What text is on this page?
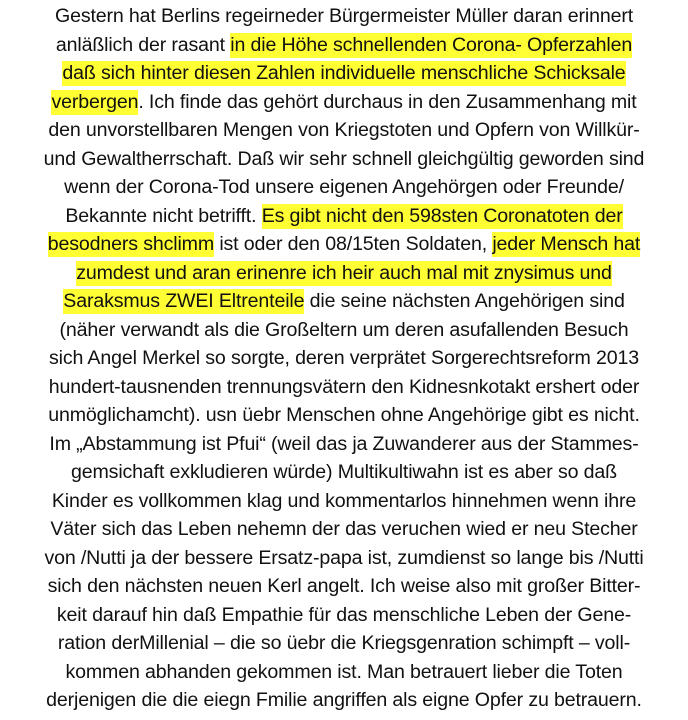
Gestern hat Berlins regeirneder Bürgermeister Müller daran erinnert
anläßlich der rasant in die Höhe schnellenden Corona- Opferzahlen
daß sich hinter diesen Zahlen individuelle menschliche Schicksale
verbergen. Ich finde das gehört durchaus in den Zusammenhang mit
den unvorstellbaren Mengen von Kriegstoten und Opfern von Willkür-
und Gewaltherrschaft. Daß wir sehr schnell gleichgültig geworden sind
wenn der Corona-Tod unsere eigenen Angehörgen oder Freunde/
Bekannte nicht betrifft. Es gibt nicht den 598sten Coronatoten der
besodners shclimm ist oder den 08/15ten Soldaten, jeder Mensch hat
zumdest und aran erinenre ich heir auch mal mit znysimus und
Saraksmus ZWEI Eltrenteile die seine nächsten Angehörigen sind
(näher verwandt als die Großeltern um deren asufallenden Besuch
sich Angel Merkel so sorgte, deren verprätet Sorgerechtsreform 2013
hundert-tausnenden trennungsvätern den Kidnesnkotakt ershert oder
unmöglichamcht). usn üebr Menschen ohne Angehörige gibt es nicht.
Im „Abstammung ist Pfui“ (weil das ja Zuwanderer aus der Stammes-
gemsichaft exkludieren würde) Multikultiwahn ist es aber so daß
Kinder es vollkommen klag und kommentarlos hinnehmen wenn ihre
Väter sich das Leben nehemn der das veruchen wied er neu Stecher
von /Nutti ja der bessere Ersatz-papa ist, zumdienst so lange bis /Nutti
sich den nächsten neuen Kerl angelt. Ich weise also mit großer Bitter-
keit darauf hin daß Empathie für das menschliche Leben der Gene-
ration derMillenial – die so üebr die Kriegsgenration schimpft – voll-
kommen abhanden gekommen ist. Man betrauert lieber die Toten
derjenigen die die eiegn Fmilie angriffen als eigne Opfer zu betrauern.
